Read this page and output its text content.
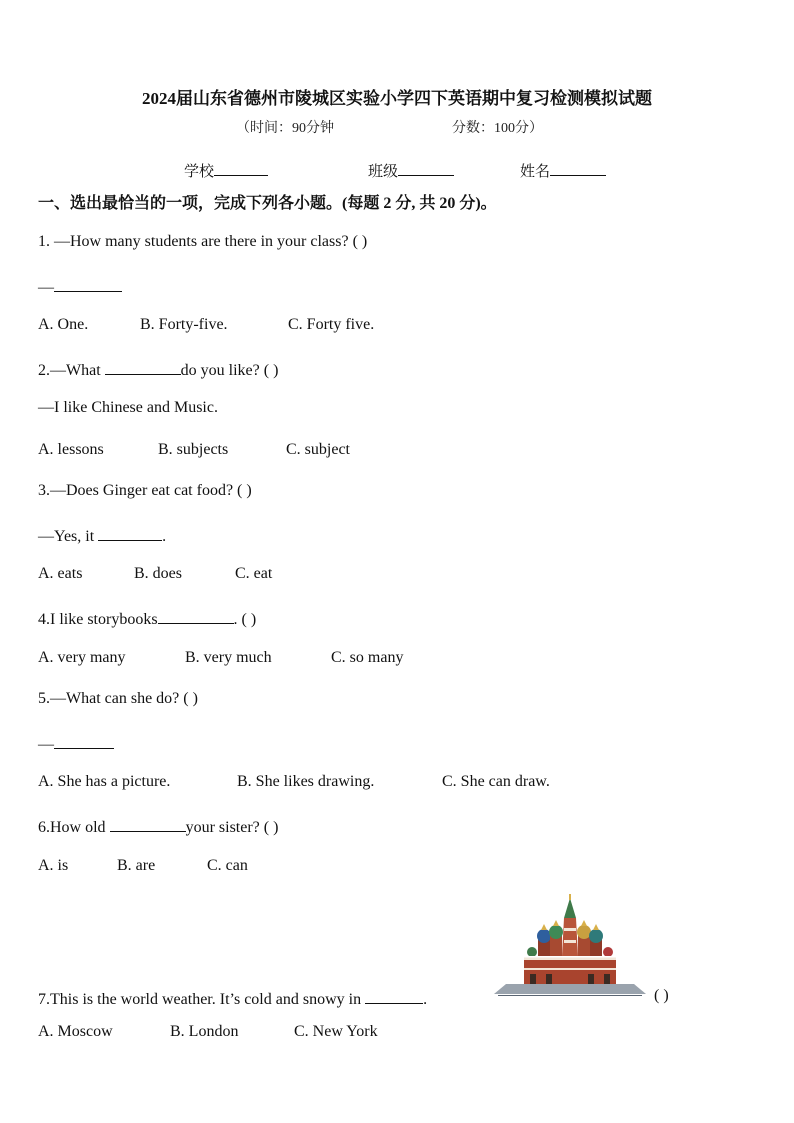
2024届山东省德州市陵城区实验小学四下英语期中复习检测模拟试题
（时间：90分钟	分数：100分）
学校	班级	姓名
一、选出最恰当的一项，完成下列各小题。(每题 2 分, 共 20 分)。
1. —How many students are there in your class? ( )
—
A. One.	B. Forty-five.	C. Forty five.
2.—What	do you like? ( )
—I like Chinese and Music.
A. lessons	B. subjects	C. subject
3.—Does Ginger eat cat food? ( )
—Yes, it	.
A. eats	B. does	C. eat
4.I like storybooks	. ( )
A. very many	B. very much	C. so many
5.—What can she do? ( )
—
A. She has a picture.	B. She likes drawing.	C. She can draw.
6.How old	your sister? ( )
A. is	B. are	C. can
7.This is the world weather. It’s cold and snowy in	.	( )
A. Moscow	B. London	C. New York
